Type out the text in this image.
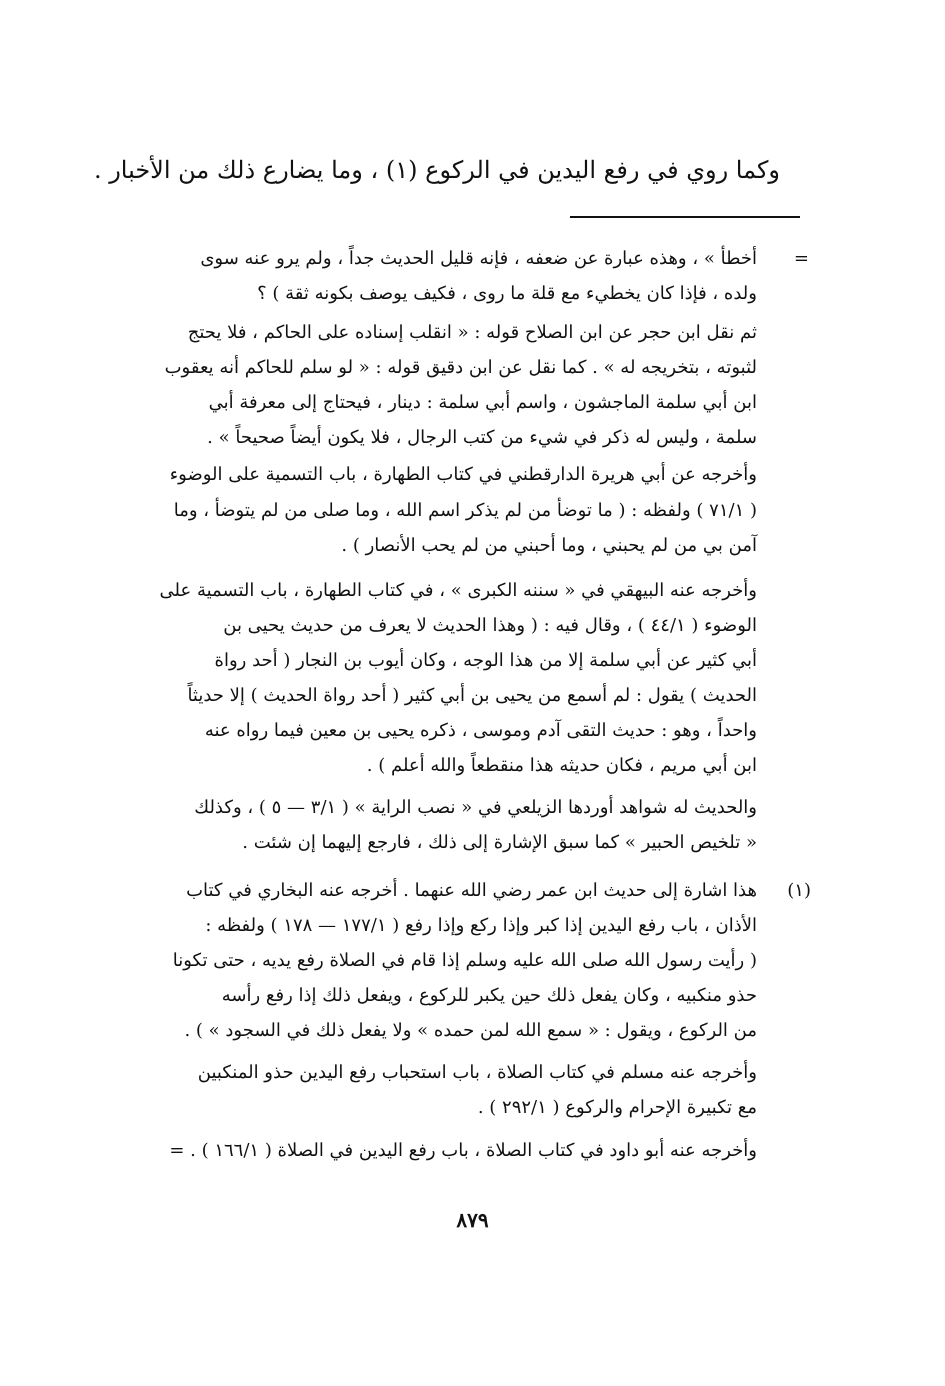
وكما روي في رفع اليدين في الركوع (١) ، وما يضارع ذلك من الأخبار .
=
أخطأ » ، وهذه عبارة عن ضعفه ، فإنه قليل الحديث جداً ، ولم يرو عنه سوى
ولده ، فإذا كان يخطيء مع قلة ما روى ، فكيف يوصف بكونه ثقة ) ؟
ثم نقل ابن حجر عن ابن الصلاح قوله : « انقلب إسناده على الحاكم ، فلا يحتج
لثبوته ، بتخريجه له » . كما نقل عن ابن دقيق قوله : « لو سلم للحاكم أنه يعقوب
ابن أبي سلمة الماجشون ، واسم أبي سلمة : دينار ، فيحتاج إلى معرفة أبي
سلمة ، وليس له ذكر في شيء من كتب الرجال ، فلا يكون أيضاً صحيحاً » .
وأخرجه عن أبي هريرة الدارقطني في كتاب الطهارة ، باب التسمية على الوضوء
( ٧١/١ ) ولفظه : ( ما توضأ من لم يذكر اسم الله ، وما صلى من لم يتوضأ ، وما
آمن بي من لم يحبني ، وما أحبني من لم يحب الأنصار ) .
وأخرجه عنه البيهقي في « سننه الكبرى » ، في كتاب الطهارة ، باب التسمية على
الوضوء ( ٤٤/١ ) ، وقال فيه : ( وهذا الحديث لا يعرف من حديث يحيى بن
أبي كثير عن أبي سلمة إلا من هذا الوجه ، وكان أيوب بن النجار ( أحد رواة
الحديث ) يقول : لم أسمع من يحيى بن أبي كثير ( أحد رواة الحديث ) إلا حديثاً
واحداً ، وهو : حديث التقى آدم وموسى ، ذكره يحيى بن معين فيما رواه عنه
ابن أبي مريم ، فكان حديثه هذا منقطعاً والله أعلم ) .
والحديث له شواهد أوردها الزيلعي في « نصب الراية » ( ٣/١ — ٥ ) ، وكذلك
« تلخيص الحبير » كما سبق الإشارة إلى ذلك ، فارجع إليهما إن شئت .
(١)
هذا اشارة إلى حديث ابن عمر رضي الله عنهما . أخرجه عنه البخاري في كتاب
الأذان ، باب رفع اليدين إذا كبر وإذا ركع وإذا رفع ( ١٧٧/١ — ١٧٨ ) ولفظه :
( رأيت رسول الله صلى الله عليه وسلم إذا قام في الصلاة رفع يديه ، حتى تكونا
حذو منكبيه ، وكان يفعل ذلك حين يكبر للركوع ، ويفعل ذلك إذا رفع رأسه
من الركوع ، ويقول : « سمع الله لمن حمده » ولا يفعل ذلك في السجود » ) .
وأخرجه عنه مسلم في كتاب الصلاة ، باب استحباب رفع اليدين حذو المنكبين
مع تكبيرة الإحرام والركوع ( ٢٩٢/١ ) .
وأخرجه عنه أبو داود في كتاب الصلاة ، باب رفع اليدين في الصلاة ( ١٦٦/١ ) . =
٨٧٩
